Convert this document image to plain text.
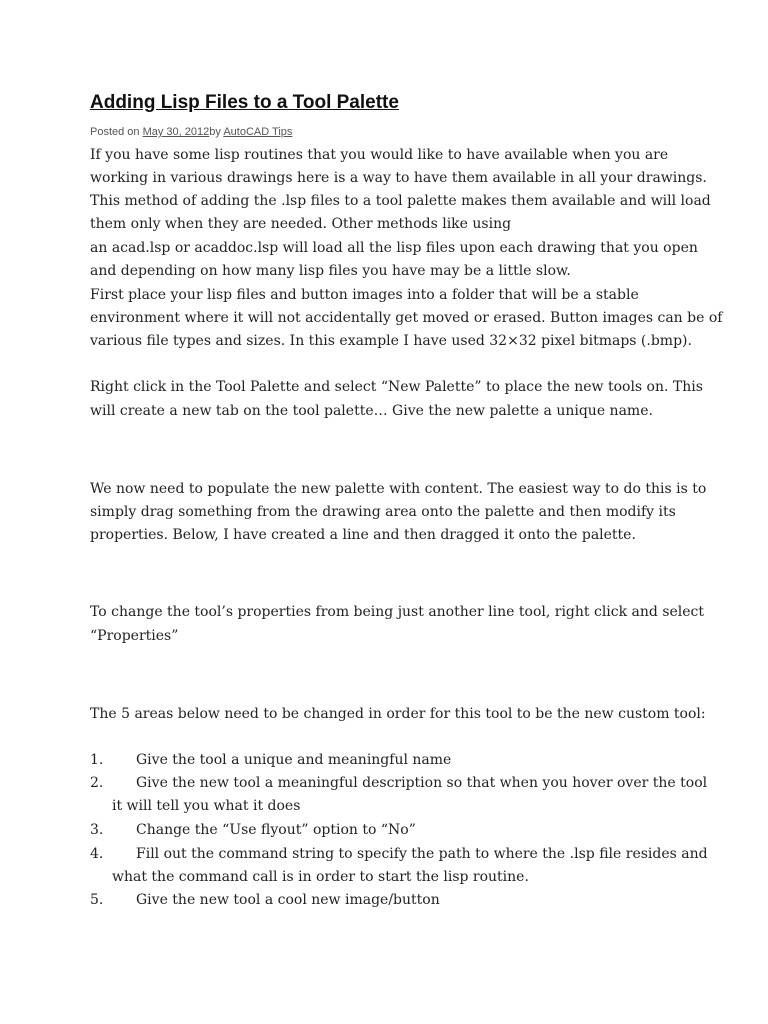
Adding Lisp Files to a Tool Palette
Posted on May 30, 2012by AutoCAD Tips
If you have some lisp routines that you would like to have available when you are
working in various drawings here is a way to have them available in all your drawings.
This method of adding the .lsp files to a tool palette makes them available and will load
them only when they are needed. Other methods like using
an acad.lsp or acaddoc.lsp will load all the lisp files upon each drawing that you open
and depending on how many lisp files you have may be a little slow.
First place your lisp files and button images into a folder that will be a stable
environment where it will not accidentally get moved or erased. Button images can be of
various file types and sizes. In this example I have used 32×32 pixel bitmaps (.bmp).
Right click in the Tool Palette and select “New Palette” to place the new tools on. This
will create a new tab on the tool palette… Give the new palette a unique name.
We now need to populate the new palette with content. The easiest way to do this is to
simply drag something from the drawing area onto the palette and then modify its
properties. Below, I have created a line and then dragged it onto the palette.
To change the tool’s properties from being just another line tool, right click and select
“Properties”
The 5 areas below need to be changed in order for this tool to be the new custom tool:
1. Give the tool a unique and meaningful name
2. Give the new tool a meaningful description so that when you hover over the tool
it will tell you what it does
3. Change the “Use flyout” option to “No”
4. Fill out the command string to specify the path to where the .lsp file resides and
what the command call is in order to start the lisp routine.
5. Give the new tool a cool new image/button
